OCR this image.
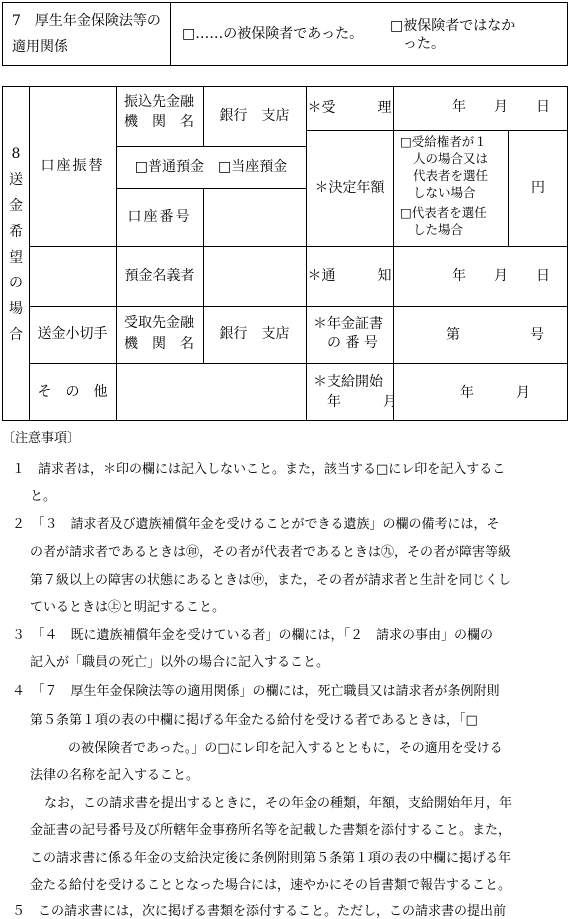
7　厚生年金保険法等の
適用関係
□……の被保険者であった。 □被保険者ではなか
った。
8
送
金
希
望
の
場
合
口座振替
送金小切手
そ　の　他
振込先金融
機　関　名	銀行　支店
□普通預金　□当座預金
口座番号
預金名義者
受取先金融
機　関　名
銀行　支店
＊受　　　理
＊決定年額
＊通　　　知
＊年金証書
の 番 号
＊支給開始
年　　　月
年　　月　　日
□受給権者が１
人の場合又は
代表者を選任
しない場合
□代表者を選任
した場合
円
年　　月　　日
第　　　　　号
年　　　月

〔注意事項〕

１　請求者は，＊印の欄には記入しないこと。また，該当する□にレ印を記入するこ

と。

２　「３　請求者及び遺族補償年金を受けることができる遺族」の欄の備考には，そ

の者が請求者であるときは㊞，その者が代表者であるときは㊈，その者が障害等級

第７級以上の障害の状態にあるときは㊥，また，その者が請求者と生計を同じくし

ているときは㊤と明記すること。

３　「４　既に遺族補償年金を受けている者」の欄には，「２　請求の事由」の欄の

記入が「職員の死亡」以外の場合に記入すること。

４　「７　厚生年金保険法等の適用関係」の欄には，死亡職員又は請求者が条例附則

第５条第１項の表の中欄に掲げる年金たる給付を受ける者であるときは，「□

の被保険者であった。」の□にレ印を記入するとともに，その適用を受ける

法律の名称を記入すること。

なお，この請求書を提出するときに，その年金の種類，年額，支給開始年月，年

金証書の記号番号及び所轄年金事務所名等を記載した書類を添付すること。また，

この請求書に係る年金の支給決定後に条例附則第５条第１項の表の中欄に掲げる年

金たる給付を受けることとなった場合には，速やかにその旨書類で報告すること。

５　この請求書には，次に掲げる書類を添付すること。ただし，この請求書の提出前
